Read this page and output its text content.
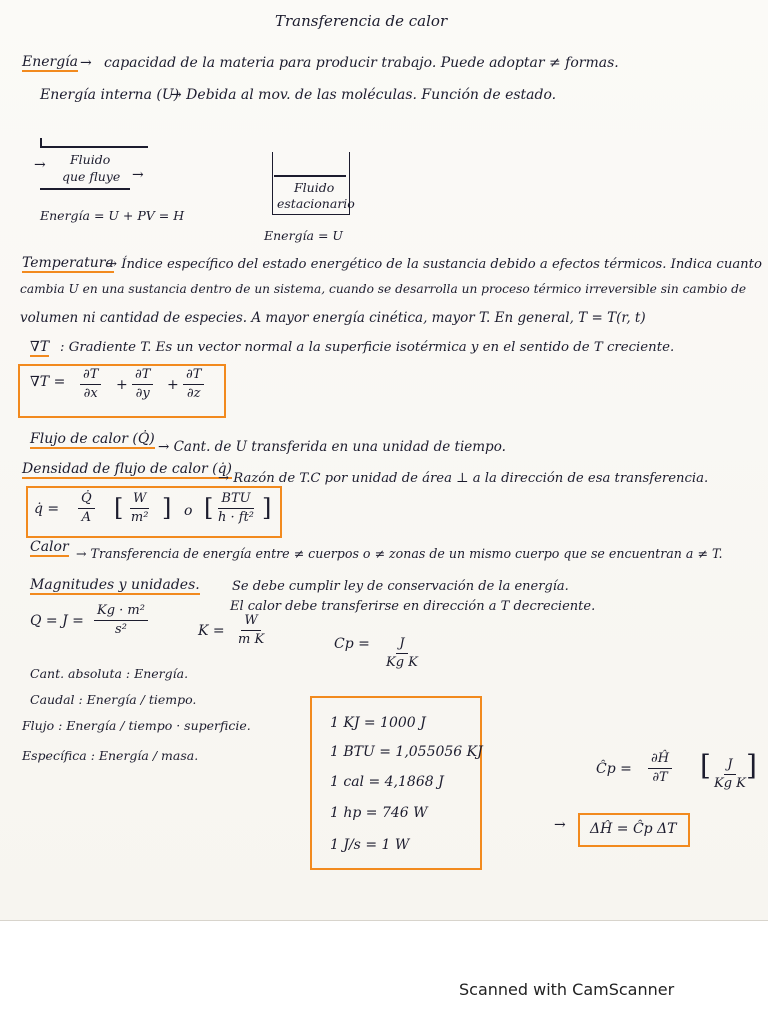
Transferencia de calor
Energía → capacidad de la materia para producir trabajo. Puede adoptar ≠ formas.
Energía interna (U)
→ Debida al mov. de las moléculas. Función de estado.
→ Fluido
que fluye →
Energía = U + PV = H
Fluido
estacionario
Energía = U
Temperatura
→ Índice específico del estado energético de la sustancia debido a efectos térmicos. Indica cuanto
cambia U en una sustancia dentro de un sistema, cuando se desarrolla un proceso térmico irreversible sin cambio de
volumen ni cantidad de especies. A mayor energía cinética, mayor T. En general, T = T(r, t)
∇T : Gradiente T. Es un vector normal a la superficie isotérmica y en el sentido de T creciente.
$\nabla T = \frac{\partial T}{\partial x} + \frac{\partial T}{\partial y} + \frac{\partial T}{\partial z}$
Flujo de calor (Q̇) → Cant. de U transferida en una unidad de tiempo.
Densidad de flujo de calor (q̇)
→ Razón de T.C por unidad de área ⊥ a la dirección de esa transferencia.
q̇ = $\frac{Q̇}{A}$ [ $\frac{W}{\text{m²}}$ ] o [ BTU
h · ft² ]
Calor → Transferencia de energía entre ≠ cuerpos o ≠ zonas de un mismo cuerpo que se encuentran a ≠ T.
Se debe cumplir ley de conservación de la energía.
El calor debe transferirse en dirección a T decreciente.
Magnitudes y unidades.
$Q = J = \frac{\text{Kg · m²}}{\text{s²}}$	$K = \frac{W}{\text{m K}}$	$Cp = \frac{J}{\text{Kg K}}$
Cant. absoluta : Energía.
Caudal : Energía / tiempo.
Flujo : Energía / tiempo · superficie.
Específica : Energía / masa.
1 KJ = 1000 J
1 BTU = 1,055056 KJ
1 cal = 4,1868 J
1 hp = 746 W
1 J/s = 1 W
Ĉp = $\frac{\partial Ĥ}{\partial T}$ [ $\frac{J}{\text{Kg K}}$ ]
→ ΔĤ = Ĉp ΔT
Scanned with CamScanner
